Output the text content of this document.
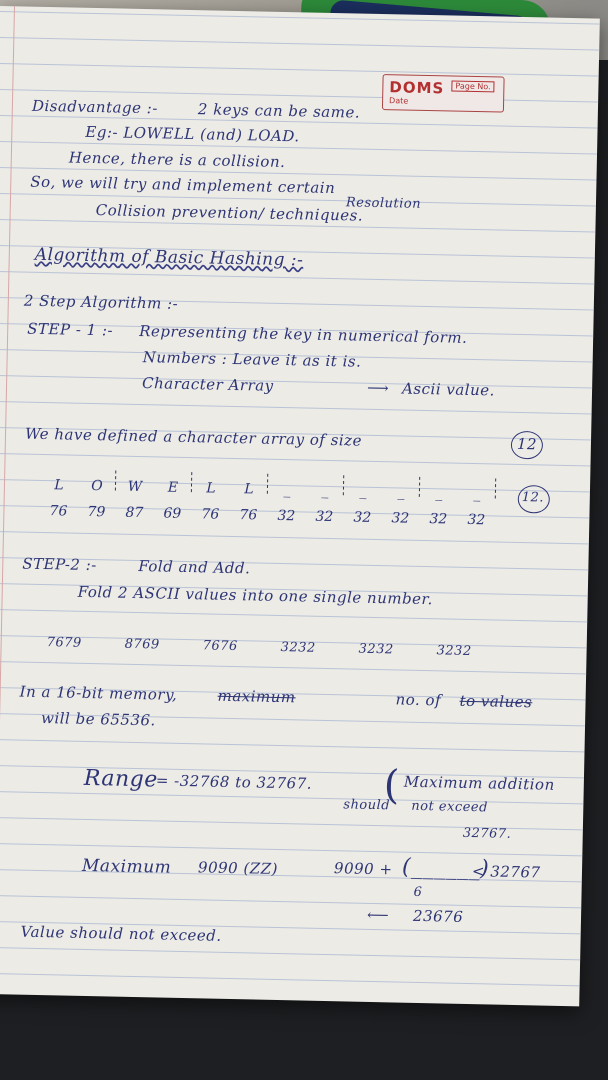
DOMS	Page No.
Date
Disadvantage :-	2 keys can be same.
Eg:- LOWELL (and) LOAD.
Hence, there is a collision.
So, we will try and implement certain
Resolution
Collision prevention/ techniques.
Algorithm of Basic Hashing :-
2 Step Algorithm :-
STEP - 1 :- Representing the key in numerical form.
Numbers : Leave it as it is.
Character Array	⟶ Ascii value.
We have defined a character array of size	12
L	O	W	E	L	L	_	_	_	_	_	_
76	79	87	69	76	76	32	32	32	32	32	32
12.
STEP-2 :-	Fold and Add.
Fold 2 ASCII values into one single number.
7679	8769	7676	3232	3232	3232
In a 16-bit memory,	maximum	no. of to values
will be 65536.
Range
= -32768 to 32767. ( Maximum addition
should not exceed
32767.
Maximum 9090 (ZZ)	9090 + (______)
6
< 32767
⟵ 23676
Value should not exceed.
